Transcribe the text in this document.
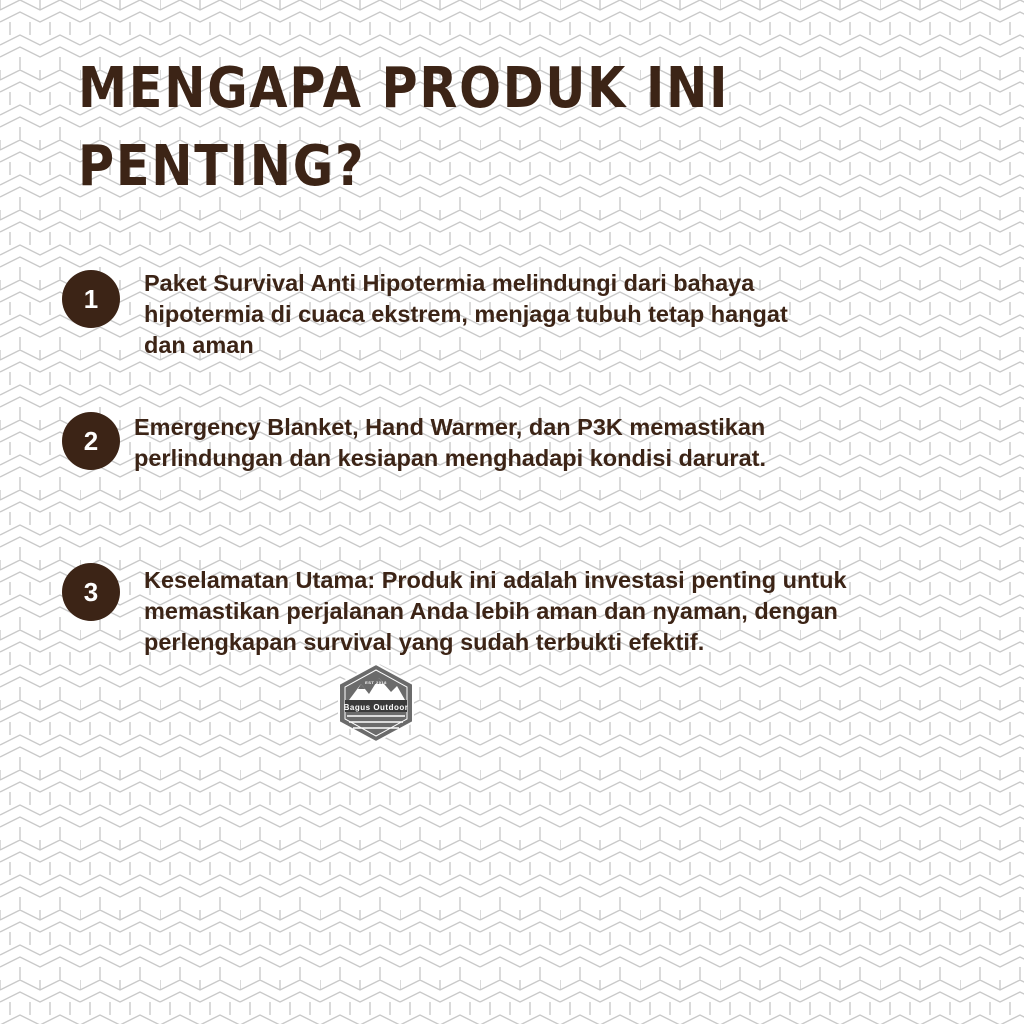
MENGAPA PRODUK INI
PENTING?
1

Paket Survival Anti Hipotermia melindungi dari bahaya
hipotermia di cuaca ekstrem, menjaga tubuh tetap hangat
dan aman

2	Emergency Blanket, Hand Warmer, dan P3K memastikan
perlindungan dan kesiapan menghadapi kondisi darurat.

3	Keselamatan Utama: Produk ini adalah investasi penting untuk
memastikan perjalanan Anda lebih aman dan nyaman, dengan
perlengkapan survival yang sudah terbukti efektif.

EST 2018
Bagus Outdoor
